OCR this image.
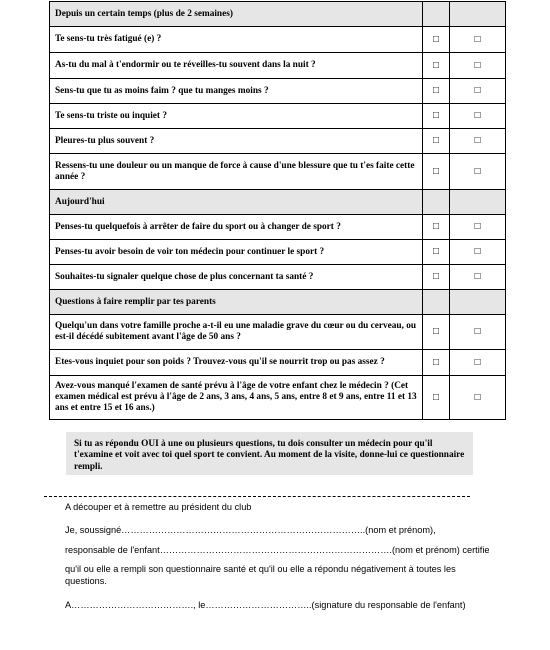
Depuis un certain temps (plus de 2 semaines)		
Te sens-tu très fatigué (e) ?	□	□
As-tu du mal à t'endormir ou te réveilles-tu souvent dans la nuit ?	□	□
Sens-tu que tu as moins faim ? que tu manges moins ?	□	□
Te sens-tu triste ou inquiet ?	□	□
Pleures-tu plus souvent ?	□	□
Ressens-tu une douleur ou un manque de force à cause d'une blessure que tu t'es faite cette année ?	□	□
Aujourd'hui		
Penses-tu quelquefois à arrêter de faire du sport ou à changer de sport ?	□	□
Penses-tu avoir besoin de voir ton médecin pour continuer le sport ?	□	□
Souhaites-tu signaler quelque chose de plus concernant ta santé ?	□	□
Questions à faire remplir par tes parents		
Quelqu'un dans votre famille proche a-t-il eu une maladie grave du cœur ou du cerveau, ou est-il décédé subitement avant l'âge de 50 ans ?	□	□
Etes-vous inquiet pour son poids ? Trouvez-vous qu'il se nourrit trop ou pas assez ?	□	□
Avez-vous manqué l'examen de santé prévu à l'âge de votre enfant chez le médecin ? (Cet examen médical est prévu à l'âge de 2 ans, 3 ans, 4 ans, 5 ans, entre 8 et 9 ans, entre 11 et 13 ans et entre 15 et 16 ans.)	□	□
Si tu as répondu OUI à une ou plusieurs questions, tu dois consulter un médecin pour qu'il t'examine et voit avec toi quel sport te convient. Au moment de la visite, donne-lui ce questionnaire rempli.
A découper et à remettre au président du club
Je, soussigné……………………………………………………………………..(nom et prénom),
responsable de l'enfant………………………………………………………………….(nom et prénom) certifie
qu'il ou elle a rempli son questionnaire santé et qu'il ou elle a répondu négativement à toutes les questions.
A…………………………………., le……………………………..(signature du responsable de l'enfant)
